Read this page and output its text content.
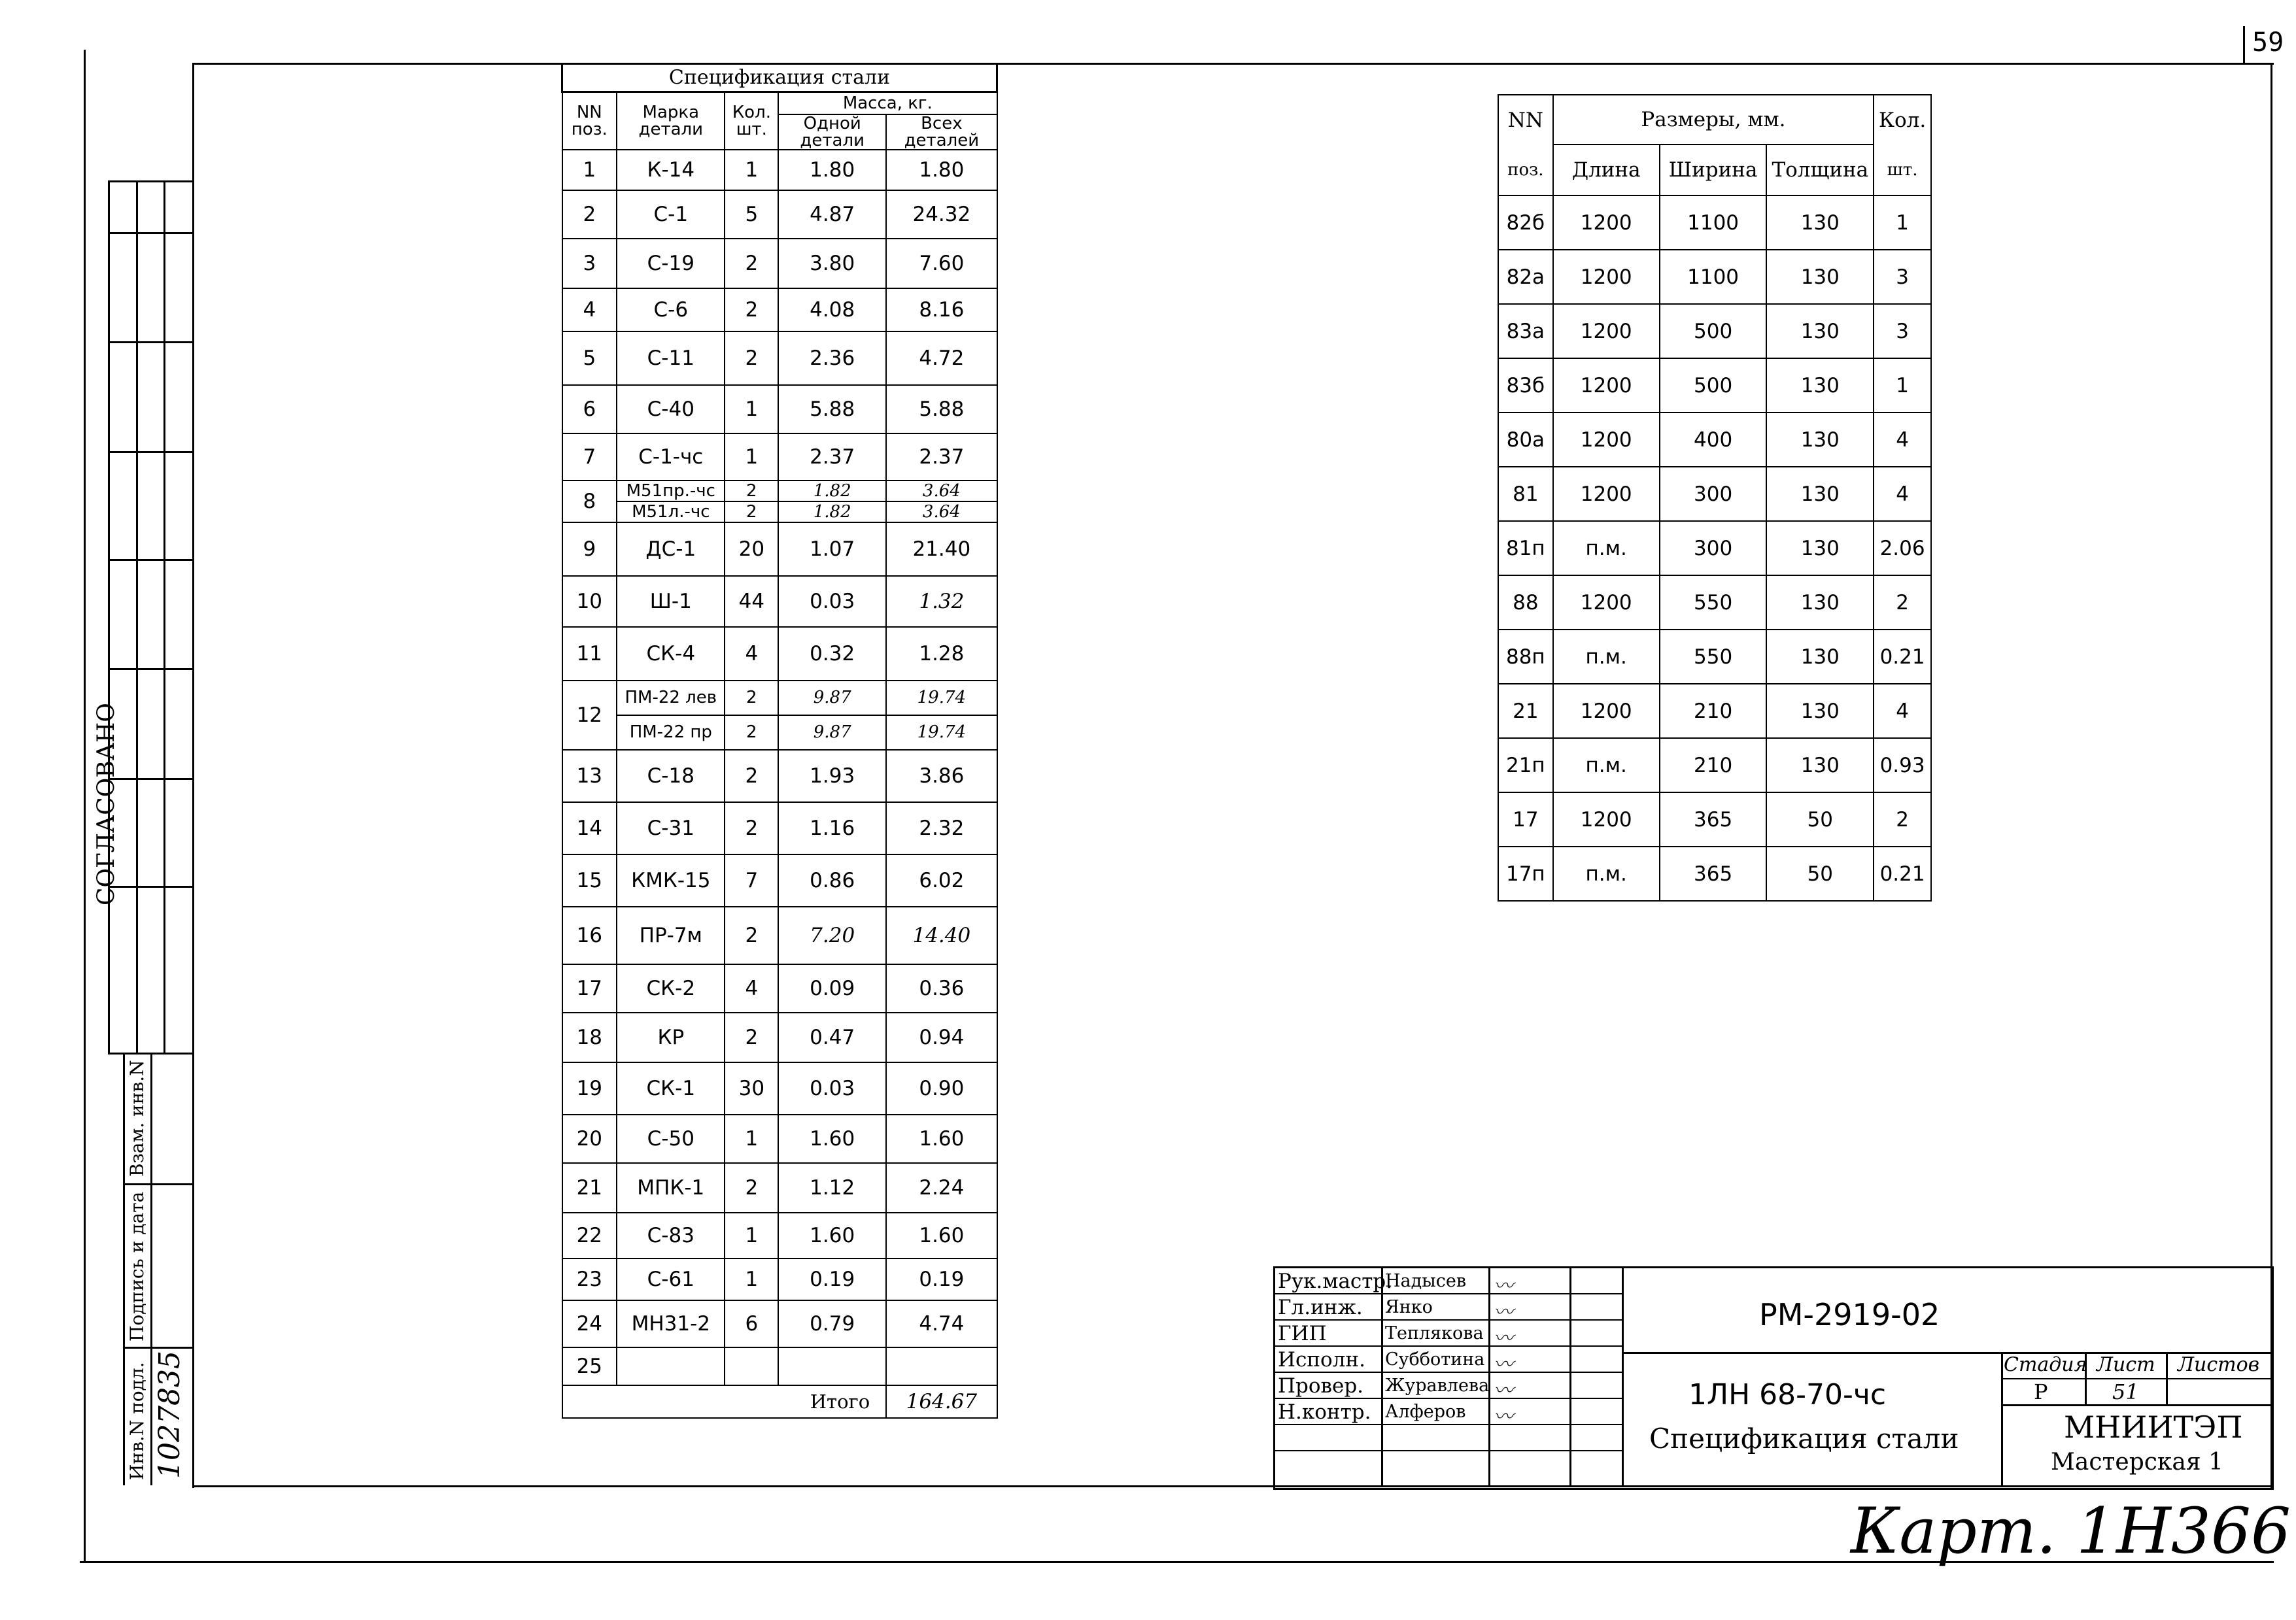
59
СОГЛАСОВАНО
Взам. инв.N
Подпись и дата
Инв.N подл. 1027835
Спецификация стали				
NN поз.	Марка детали	Кол. шт.	Масса, кг.	
			Одной детали	Всех деталей
1	К-14	1	1.80	1.80
2	С-1	5	4.87	24.32
3	С-19	2	3.80	7.60
4	С-6	2	4.08	8.16
5	С-11	2	2.36	4.72
6	С-40	1	5.88	5.88
7	С-1-чс	1	2.37	2.37
8	М51пр.-чс	2	1.82	3.64
	М51л.-чс	2	1.82	3.64
9	ДС-1	20	1.07	21.40
10	Ш-1	44	0.03	1.32
11	СК-4	4	0.32	1.28
12	ПМ-22 лев	2	9.87	19.74
	ПМ-22 пр	2	9.87	19.74
13	С-18	2	1.93	3.86
14	С-31	2	1.16	2.32
15	КМК-15	7	0.86	6.02
16	ПР-7м	2	7.20	14.40
17	СК-2	4	0.09	0.36
18	КР	2	0.47	0.94
19	СК-1	30	0.03	0.90
20	С-50	1	1.60	1.60
21	МПК-1	2	1.12	2.24
22	С-83	1	1.60	1.60
23	С-61	1	0.19	0.19
24	МН31-2	6	0.79	4.74
25				
Итого				164.67
NN	Размеры, мм.			Кол.
поз.	Длина	Ширина	Толщина	шт.
82б	1200	1100	130	1
82а	1200	1100	130	3
83а	1200	500	130	3
83б	1200	500	130	1
80а	1200	400	130	4
81	1200	300	130	4
81п	п.м.	300	130	2.06
88	1200	550	130	2
88п	п.м.	550	130	0.21
21	1200	210	130	4
21п	п.м.	210	130	0.93
17	1200	365	50	2
17п	п.м.	365	50	0.21
Рук.мастр.
Надысев 〰
Гл.инж. Янко	〰
ГИП	Теплякова 〰
Исполн. Субботина 〰
Провер. Журавлева 〰
Н.контр. Алферов 〰
РМ-2919-02
1ЛН 68-70-чс
Спецификация стали
Стадия Лист Листов
Р	51
МНИИТЭП
Мастерская 1
Карт. 1Н366
